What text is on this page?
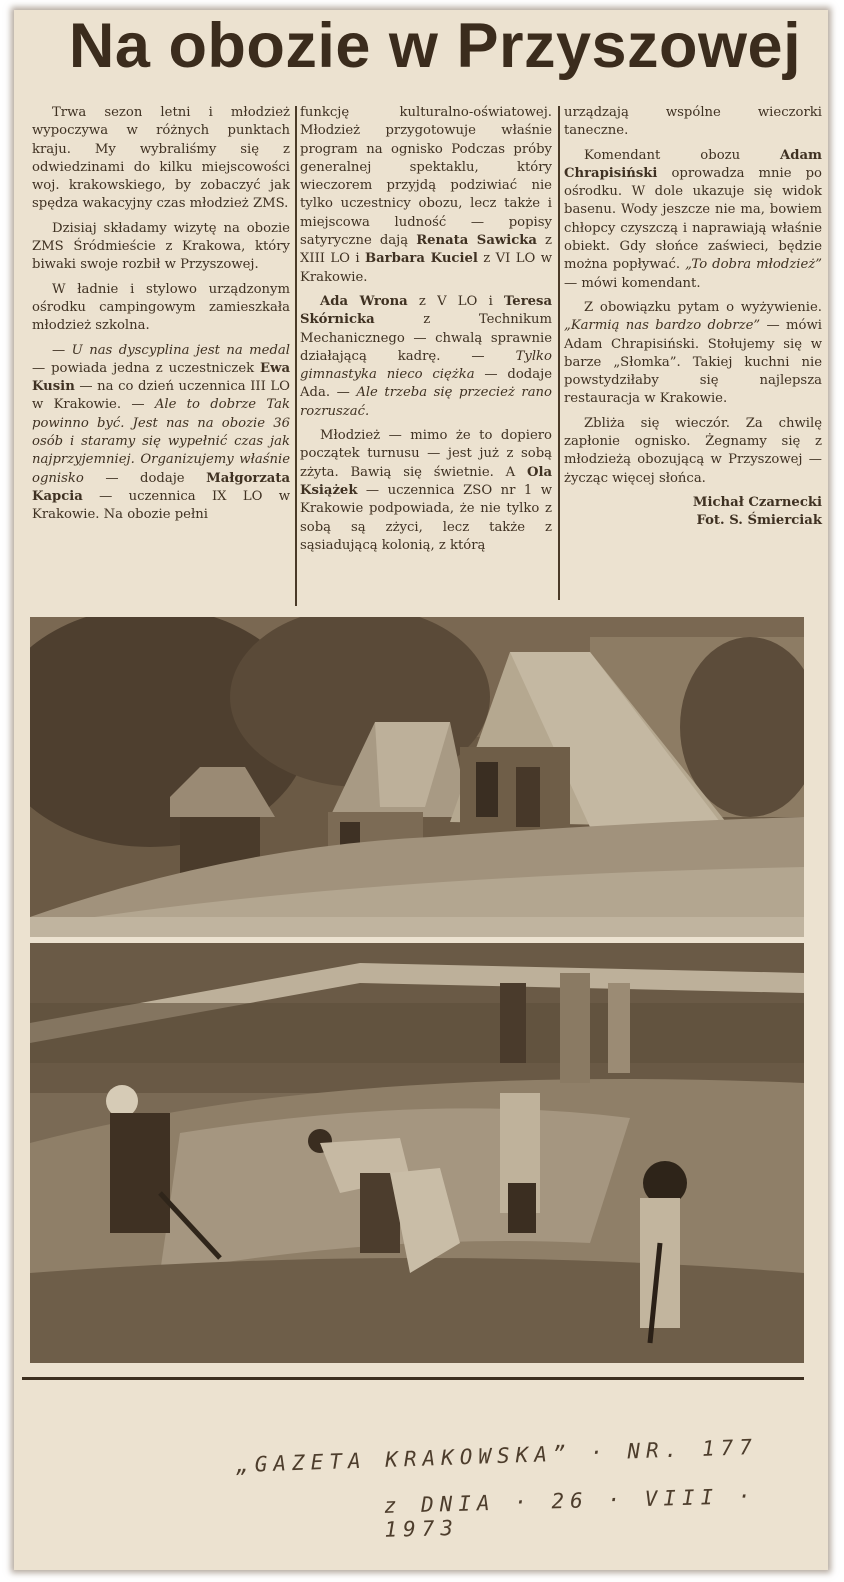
Na obozie w Przyszowej

Trwa sezon letni i młodzież wypoczywa w różnych punktach kraju. My wybraliśmy się z odwiedzinami do kilku miejscowości woj. krakowskiego, by zobaczyć jak spędza wakacyjny czas młodzież ZMS.

Dzisiaj składamy wizytę na obozie ZMS Śródmieście z Krakowa, który biwaki swoje rozbił w Przyszowej.

W ładnie i stylowo urządzonym ośrodku campingowym zamieszkała młodzież szkolna.

— U nas dyscyplina jest na medal — powiada jedna z uczestniczek Ewa Kusin — na co dzień uczennica III LO w Krakowie. — Ale to dobrze Tak powinno być. Jest nas na obozie 36 osób i staramy się wypełnić czas jak najprzyjemniej. Organizujemy właśnie ognisko — dodaje Małgorzata Kapcia — uczennica IX LO w Krakowie. Na obozie pełni

funkcję kulturalno-oświatowej. Młodzież przygotowuje właśnie program na ognisko Podczas próby generalnej spektaklu, który wieczorem przyjdą podziwiać nie tylko uczestnicy obozu, lecz także i miejscowa ludność — popisy satyryczne dają Renata Sawicka z XIII LO i Barbara Kuciel z VI LO w Krakowie.

Ada Wrona z V LO i Teresa Skórnicka z Technikum Mechanicznego — chwalą sprawnie działającą kadrę. — Tylko gimnastyka nieco ciężka — dodaje Ada. — Ale trzeba się przecież rano rozruszać.

Młodzież — mimo że to dopiero początek turnusu — jest już z sobą zżyta. Bawią się świetnie. A Ola Książek — uczennica ZSO nr 1 w Krakowie podpowiada, że nie tylko z sobą są zżyci, lecz także z sąsiadującą kolonią, z którą

urządzają wspólne wieczorki taneczne.

Komendant obozu Adam Chrapisiński oprowadza mnie po ośrodku. W dole ukazuje się widok basenu. Wody jeszcze nie ma, bowiem chłopcy czyszczą i naprawiają właśnie obiekt. Gdy słońce zaświeci, będzie można popływać. „To dobra młodzież” — mówi komendant.

Z obowiązku pytam o wyżywienie. „Karmią nas bardzo dobrze” — mówi Adam Chrapisiński. Stołujemy się w barze „Słomka”. Takiej kuchni nie powstydziłaby się najlepsza restauracja w Krakowie.

Zbliża się wieczór. Za chwilę zapłonie ognisko. Żegnamy się z młodzieżą obozującą w Przyszowej — życząc więcej słońca.

Michał Czarnecki
Fot. S. Śmierciak
„GAZETA KRAKOWSKA” · NR. 177
z DNIA · 26 · VIII · 1973
